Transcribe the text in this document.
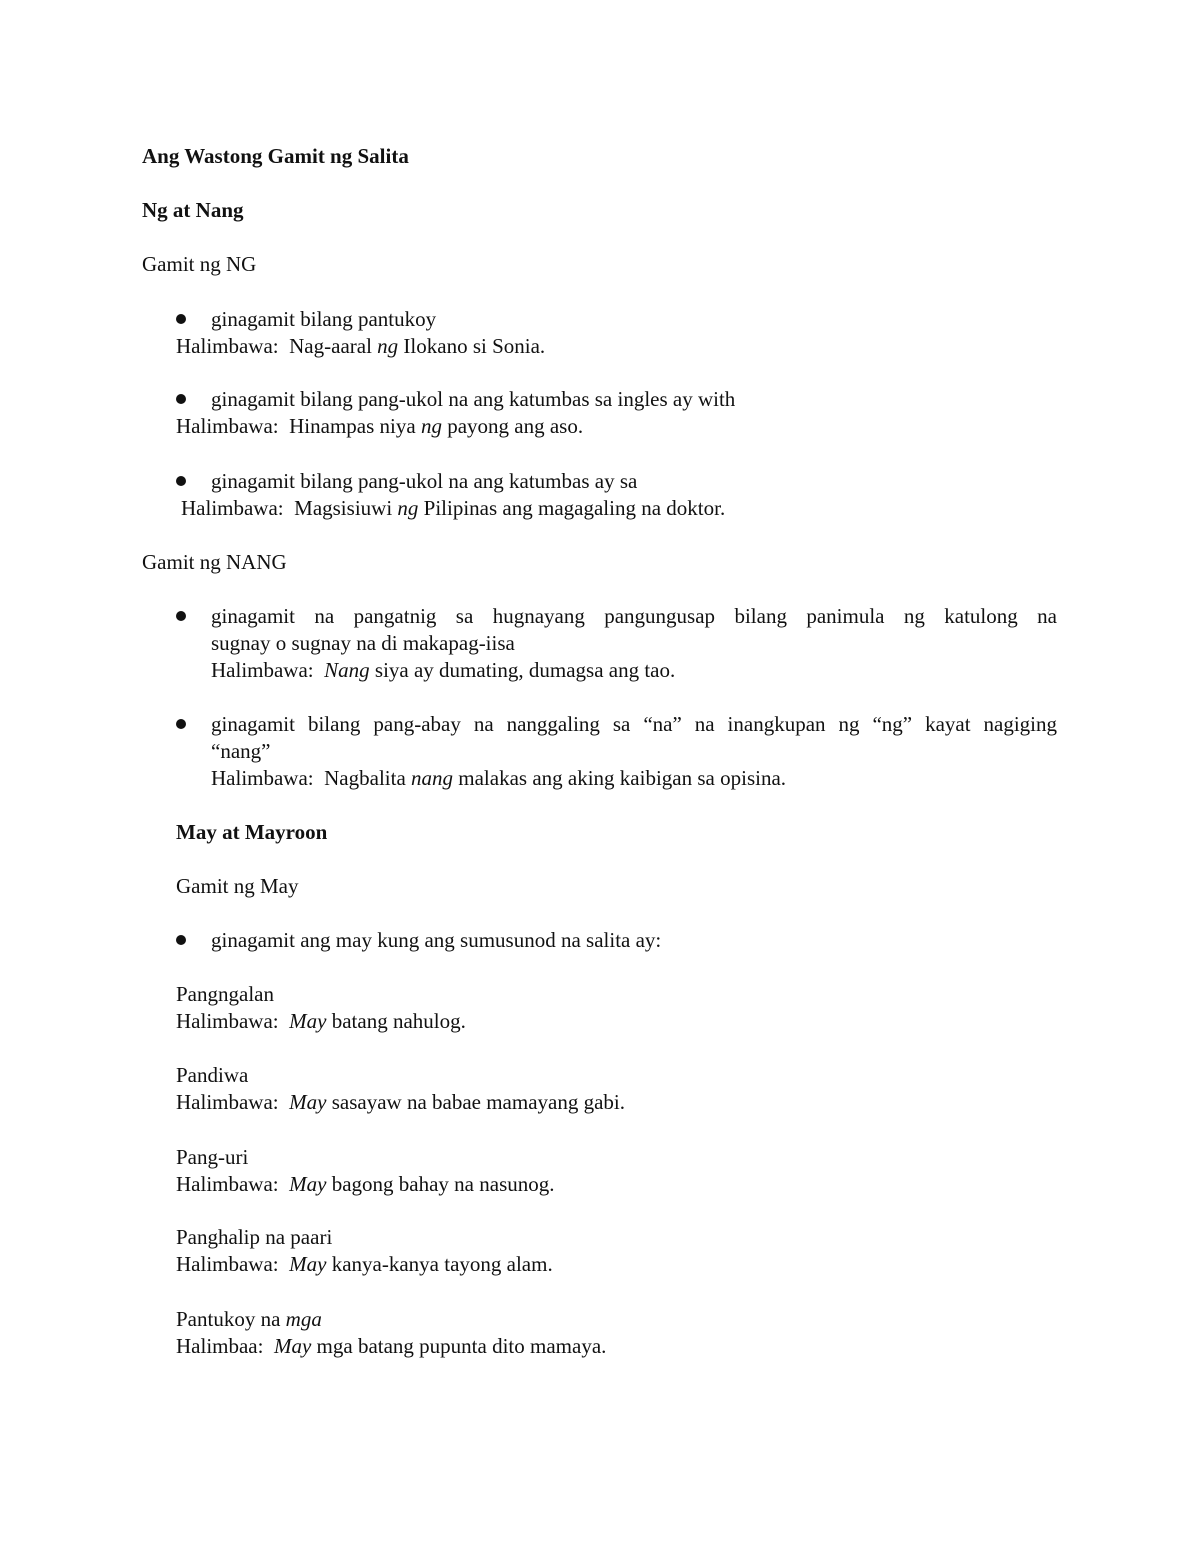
Ang Wastong Gamit ng Salita
Ng at Nang
Gamit ng NG
ginagamit bilang pantukoy
Halimbawa: Nag-aaral ng Ilokano si Sonia.
ginagamit bilang pang-ukol na ang katumbas sa ingles ay with
Halimbawa: Hinampas niya ng payong ang aso.
ginagamit bilang pang-ukol na ang katumbas ay sa
Halimbawa: Magsisiuwi ng Pilipinas ang magagaling na doktor.
Gamit ng NANG
ginagamit na pangatnig sa hugnayang pangungusap bilang panimula ng katulong na
sugnay o sugnay na di makapag-iisa
Halimbawa: Nang siya ay dumating, dumagsa ang tao.
ginagamit bilang pang-abay na nanggaling sa “na” na inangkupan ng “ng” kayat nagiging
“nang”
Halimbawa: Nagbalita nang malakas ang aking kaibigan sa opisina.
May at Mayroon
Gamit ng May
ginagamit ang may kung ang sumusunod na salita ay:
Pangngalan
Halimbawa: May batang nahulog.
Pandiwa
Halimbawa: May sasayaw na babae mamayang gabi.
Pang-uri
Halimbawa: May bagong bahay na nasunog.
Panghalip na paari
Halimbawa: May kanya-kanya tayong alam.
Pantukoy na mga
Halimbaa: May mga batang pupunta dito mamaya.
